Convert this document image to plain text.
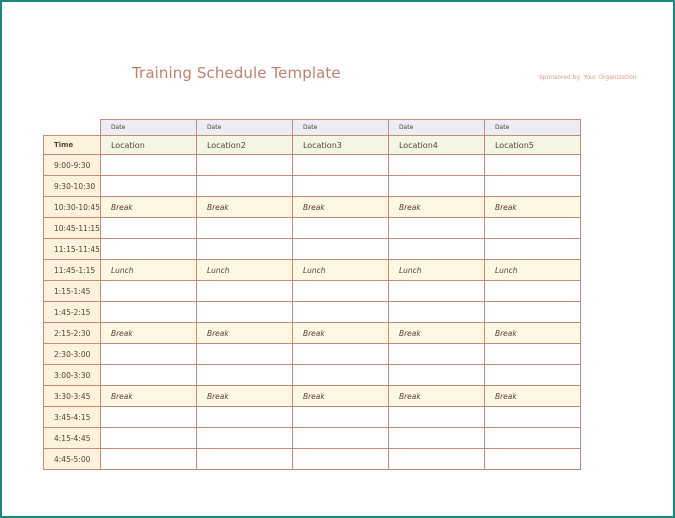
Training Schedule Template	Sponsored by: Your Organization
	Date	Date	Date	Date	Date
Time	Location	Location2	Location3	Location4	Location5
9:00-9:30					
9:30-10:30					
10:30-10:45	Break	Break	Break	Break	Break
10:45-11:15					
11:15-11:45					
11:45-1:15	Lunch	Lunch	Lunch	Lunch	Lunch
1:15-1:45					
1:45-2:15					
2:15-2:30	Break	Break	Break	Break	Break
2:30-3:00					
3:00-3:30					
3:30-3:45	Break	Break	Break	Break	Break
3:45-4:15					
4:15-4:45					
4:45-5:00					
